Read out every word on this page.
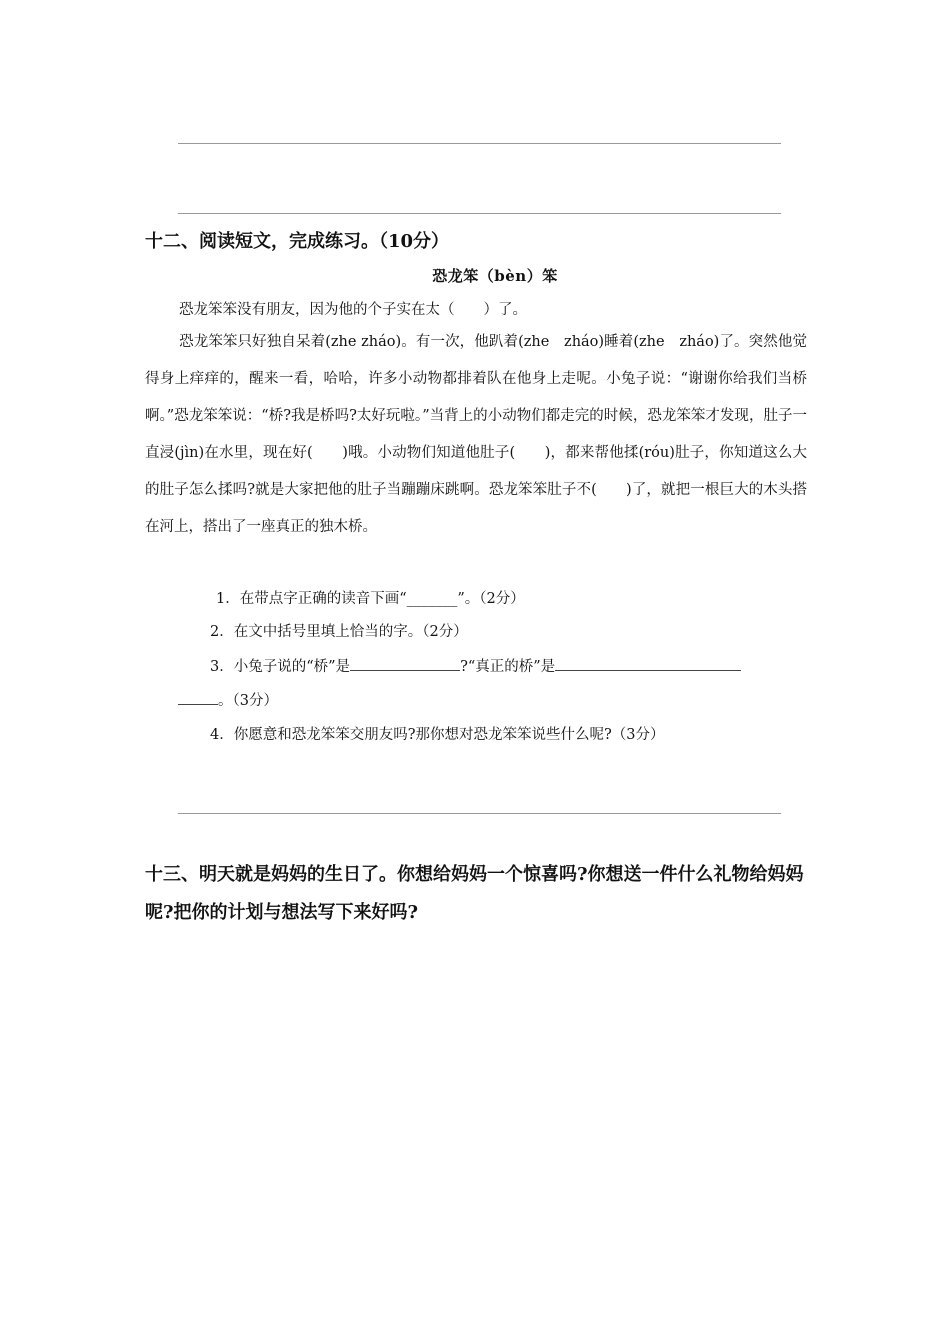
十二、阅读短文，完成练习。（10分）
恐龙笨（bèn）笨
恐龙笨笨没有朋友，因为他的个子实在太（　　）了。
恐龙笨笨只好独自呆着(zhe zháo)。有一次，他趴着(zhe　zháo)睡着(zhe　zháo)了。突然他觉得身上痒痒的，醒来一看，哈哈，许多小动物都排着队在他身上走呢。小兔子说：“谢谢你给我们当桥啊。”恐龙笨笨说：“桥?我是桥吗?太好玩啦。”当背上的小动物们都走完的时候，恐龙笨笨才发现，肚子一直浸(jìn)在水里，现在好(　　)哦。小动物们知道他肚子(　　)，都来帮他揉(róu)肚子，你知道这么大的肚子怎么揉吗?就是大家把他的肚子当蹦蹦床跳啊。恐龙笨笨肚子不(　　)了，就把一根巨大的木头搭在河上，搭出了一座真正的独木桥。
1．在带点字正确的读音下画“_______”。（2分）
2．在文中括号里填上恰当的字。（2分）
3．小兔子说的“桥”是	?“真正的桥”是
。（3分）
4．你愿意和恐龙笨笨交朋友吗?那你想对恐龙笨笨说些什么呢?（3分）
十三、明天就是妈妈的生日了。你想给妈妈一个惊喜吗?你想送一件什么礼物给妈妈呢?把你的计划与想法写下来好吗?
